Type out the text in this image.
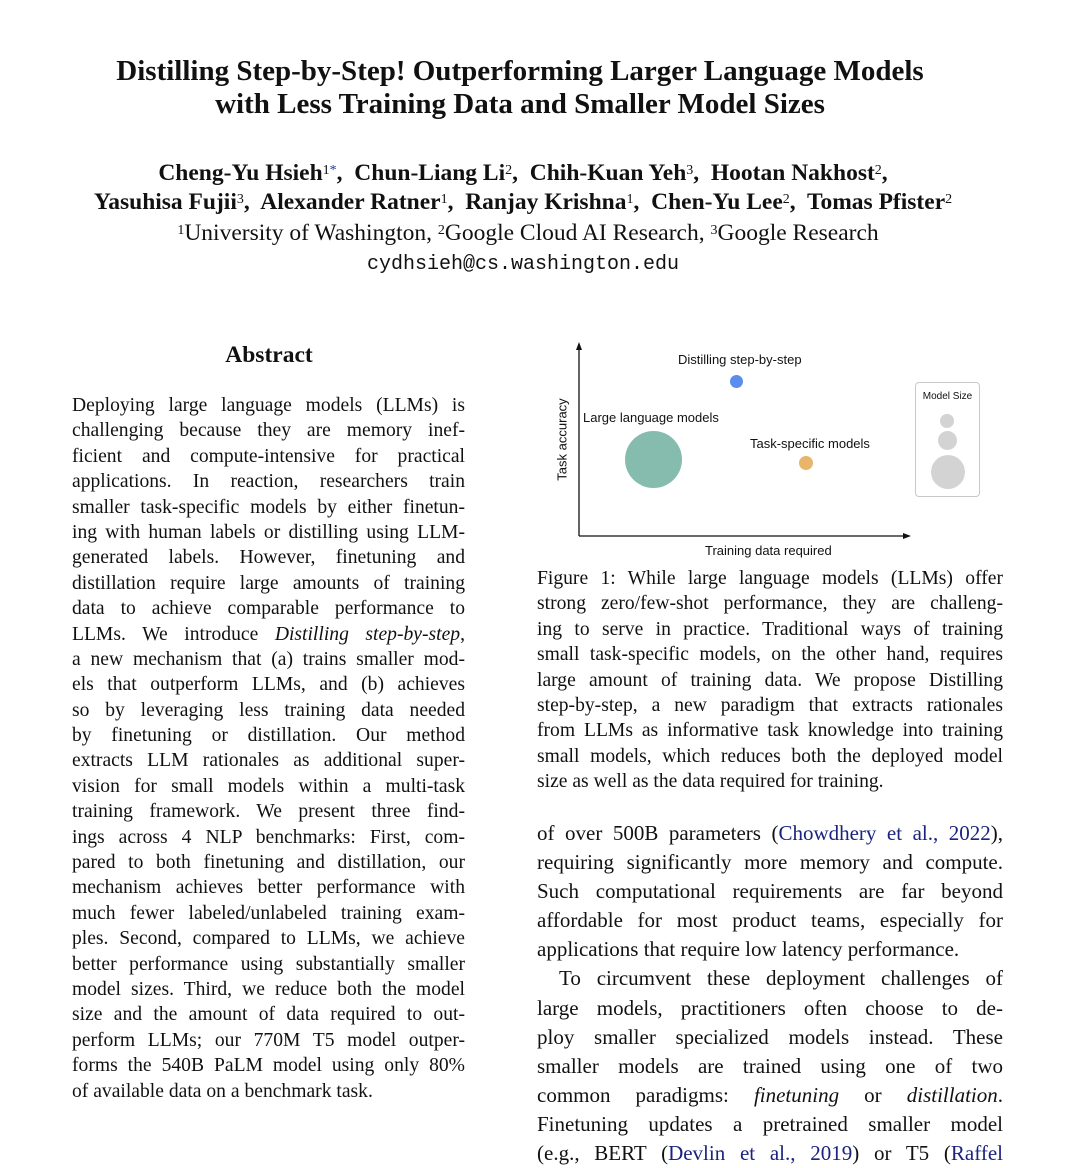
Distilling Step-by-Step! Outperforming Larger Language Models
with Less Training Data and Smaller Model Sizes
Cheng-Yu Hsieh$^{1*}$,  Chun-Liang Li$^2$,  Chih-Kuan Yeh$^3$,  Hootan Nakhost$^2$,
Yasuhisa Fujii$^3$,  Alexander Ratner$^1$,  Ranjay Krishna$^1$,  Chen-Yu Lee$^2$,  Tomas Pfister$^2$
$^1$University of Washington, $^2$Google Cloud AI Research, $^3$Google Research
cydhsieh@cs.washington.edu
Abstract
Deploying large language models (LLMs) is
challenging because they are memory inef-
ficient and compute-intensive for practical
applications. In reaction, researchers train
smaller task-specific models by either finetun-
ing with human labels or distilling using LLM-
generated labels. However, finetuning and
distillation require large amounts of training
data to achieve comparable performance to
LLMs. We introduce Distilling step-by-step,
a new mechanism that (a) trains smaller mod-
els that outperform LLMs, and (b) achieves
so by leveraging less training data needed
by finetuning or distillation. Our method
extracts LLM rationales as additional super-
vision for small models within a multi-task
training framework. We present three find-
ings across 4 NLP benchmarks: First, com-
pared to both finetuning and distillation, our
mechanism achieves better performance with
much fewer labeled/unlabeled training exam-
ples. Second, compared to LLMs, we achieve
better performance using substantially smaller
model sizes. Third, we reduce both the model
size and the amount of data required to out-
perform LLMs; our 770M T5 model outper-
forms the 540B PaLM model using only 80%
of available data on a benchmark task.
Task accuracy
Training data required
Distilling step-by-step
Large language models
Task-specific models
Model Size
Figure 1: While large language models (LLMs) offer
strong zero/few-shot performance, they are challeng-
ing to serve in practice. Traditional ways of training
small task-specific models, on the other hand, requires
large amount of training data. We propose Distilling
step-by-step, a new paradigm that extracts rationales
from LLMs as informative task knowledge into training
small models, which reduces both the deployed model
size as well as the data required for training.
of over 500B parameters (Chowdhery et al., 2022),
requiring significantly more memory and compute.
Such computational requirements are far beyond
affordable for most product teams, especially for
applications that require low latency performance.
To circumvent these deployment challenges of
large models, practitioners often choose to de-
ploy smaller specialized models instead. These
smaller models are trained using one of two
common paradigms: finetuning or distillation.
Finetuning updates a pretrained smaller model
(e.g., BERT (Devlin et al., 2019) or T5 (Raffel
